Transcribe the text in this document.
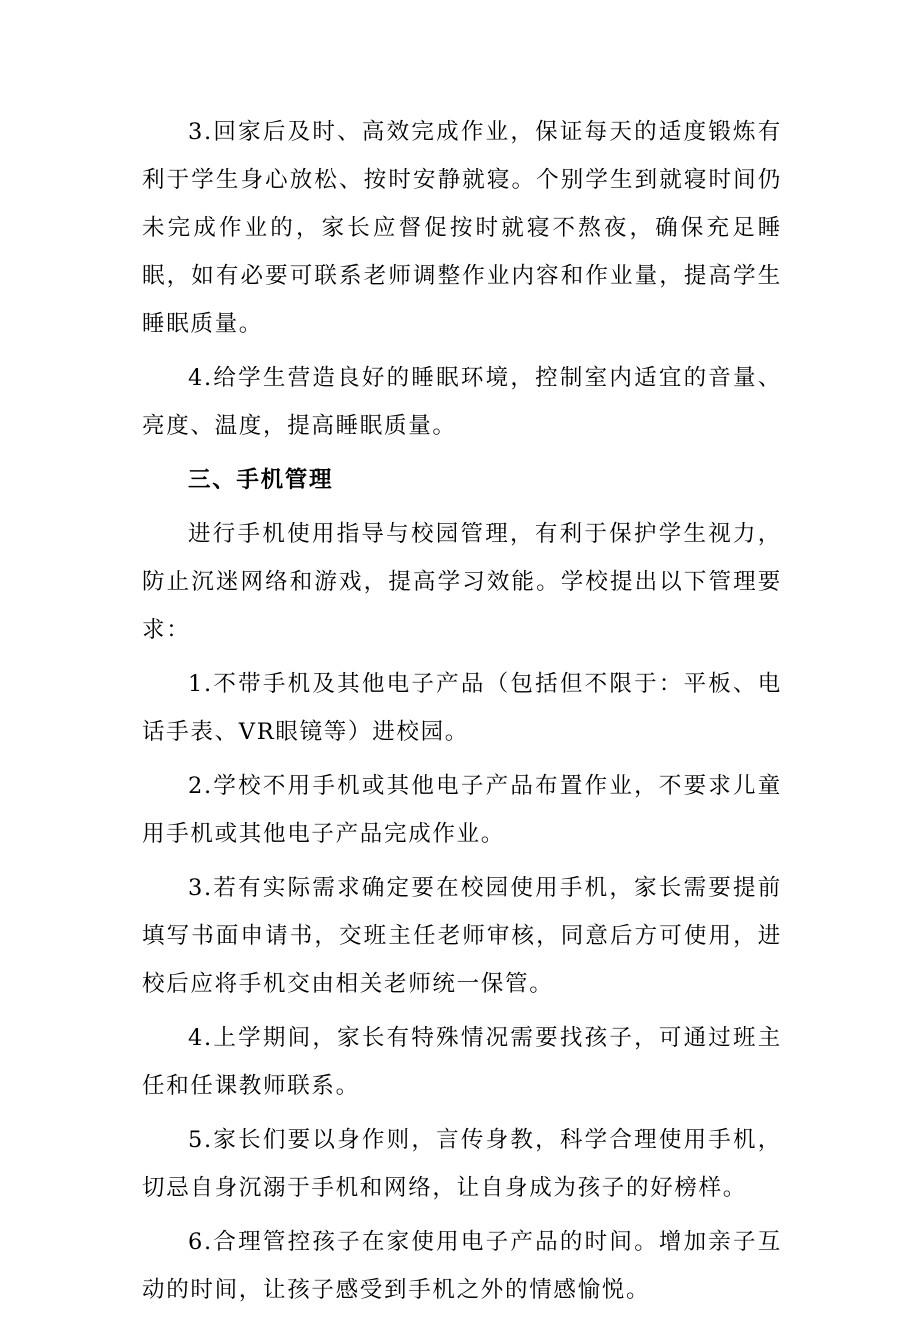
3.回家后及时、高效完成作业，保证每天的适度锻炼有利于学生身心放松、按时安静就寝。个别学生到就寝时间仍未完成作业的，家长应督促按时就寝不熬夜，确保充足睡眠，如有必要可联系老师调整作业内容和作业量，提高学生睡眠质量。

4.给学生营造良好的睡眠环境，控制室内适宜的音量、亮度、温度，提高睡眠质量。

三、手机管理

进行手机使用指导与校园管理，有利于保护学生视力，防止沉迷网络和游戏，提高学习效能。学校提出以下管理要求：

1.不带手机及其他电子产品（包括但不限于：平板、电话手表、VR眼镜等）进校园。

2.学校不用手机或其他电子产品布置作业，不要求儿童用手机或其他电子产品完成作业。

3.若有实际需求确定要在校园使用手机，家长需要提前填写书面申请书，交班主任老师审核，同意后方可使用，进校后应将手机交由相关老师统一保管。

4.上学期间，家长有特殊情况需要找孩子，可通过班主任和任课教师联系。

5.家长们要以身作则，言传身教，科学合理使用手机，切忌自身沉溺于手机和网络，让自身成为孩子的好榜样。

6.合理管控孩子在家使用电子产品的时间。增加亲子互动的时间，让孩子感受到手机之外的情感愉悦。
